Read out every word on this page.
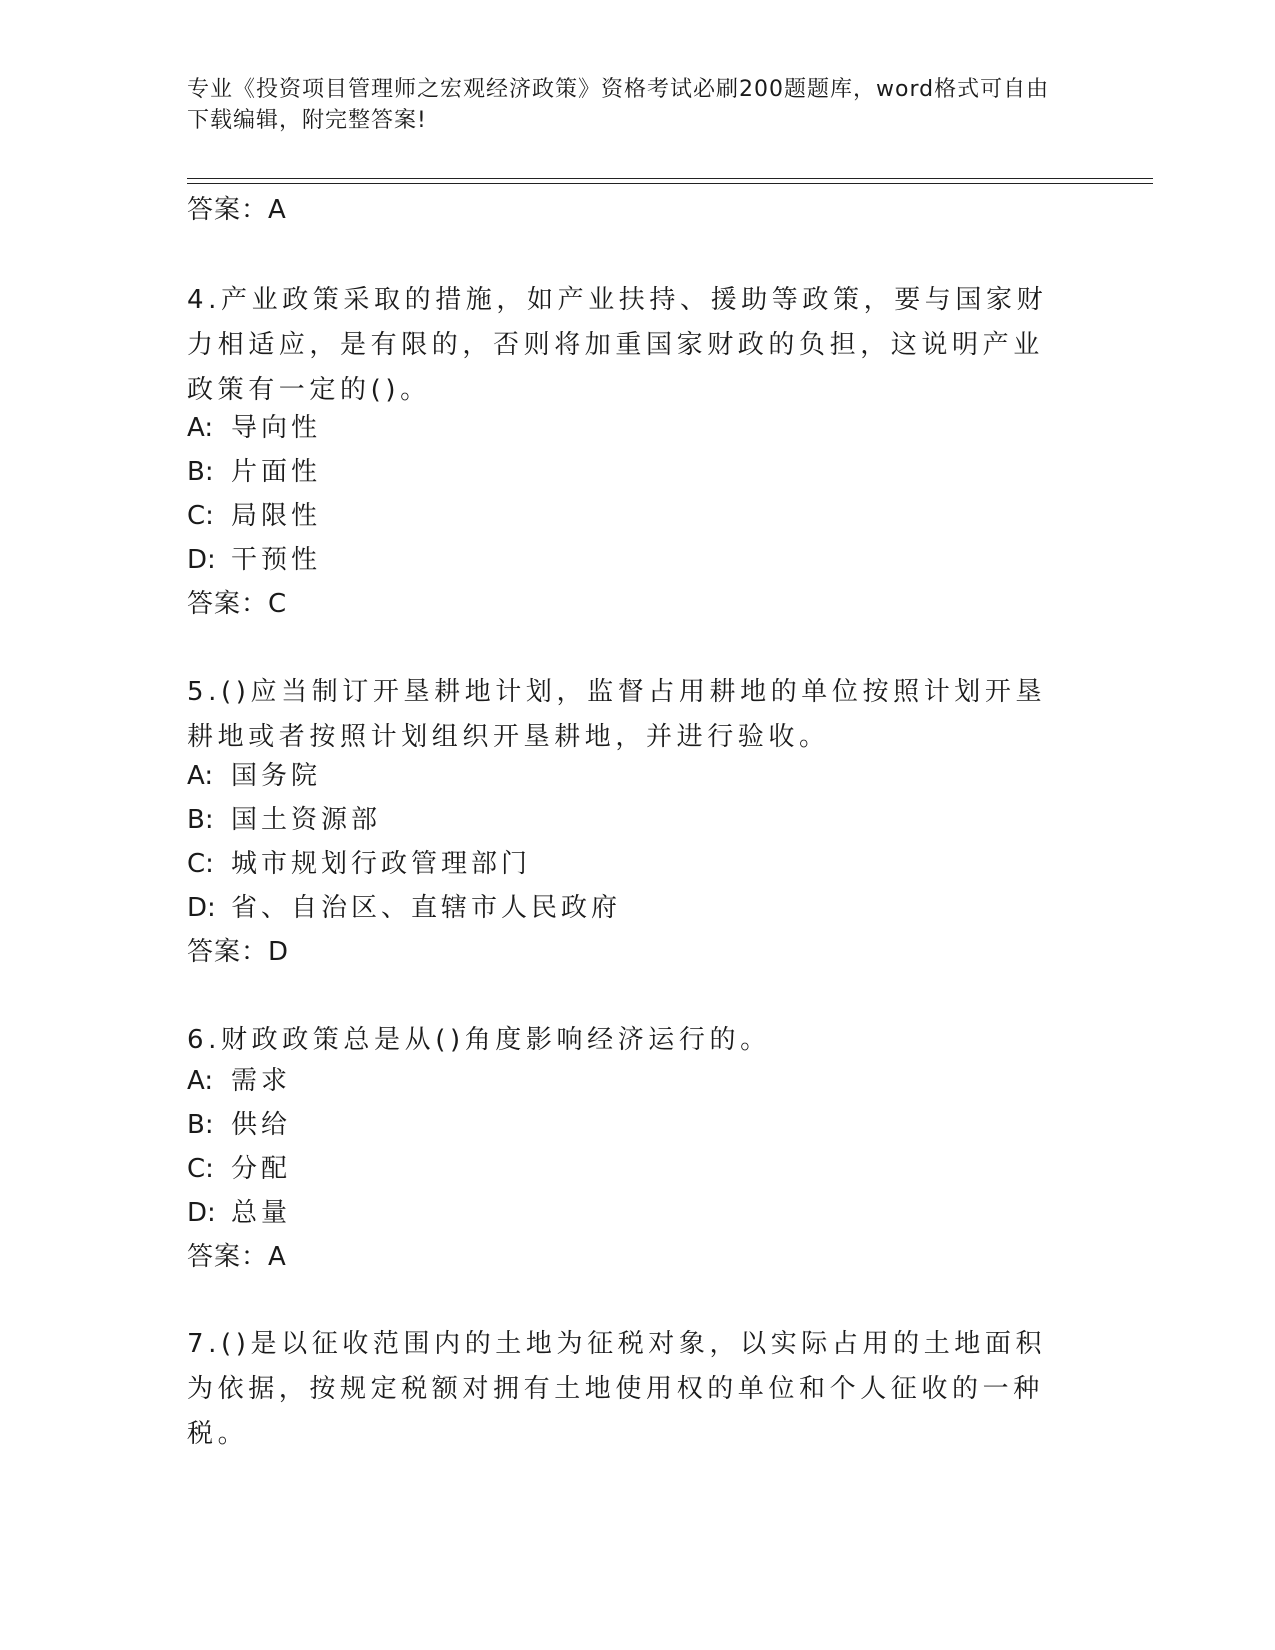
专业《投资项目管理师之宏观经济政策》资格考试必刷200题题库，word格式可自由下载编辑，附完整答案!
答案：A
4.产业政策采取的措施，如产业扶持、援助等政策，要与国家财力相适应，是有限的，否则将加重国家财政的负担，这说明产业政策有一定的()。
A: 导向性
B: 片面性
C: 局限性
D: 干预性
答案：C
5.()应当制订开垦耕地计划，监督占用耕地的单位按照计划开垦耕地或者按照计划组织开垦耕地，并进行验收。
A: 国务院
B: 国土资源部
C: 城市规划行政管理部门
D: 省、自治区、直辖市人民政府
答案：D
6.财政政策总是从()角度影响经济运行的。
A: 需求
B: 供给
C: 分配
D: 总量
答案：A
7.()是以征收范围内的土地为征税对象，以实际占用的土地面积为依据，按规定税额对拥有土地使用权的单位和个人征收的一种税。
